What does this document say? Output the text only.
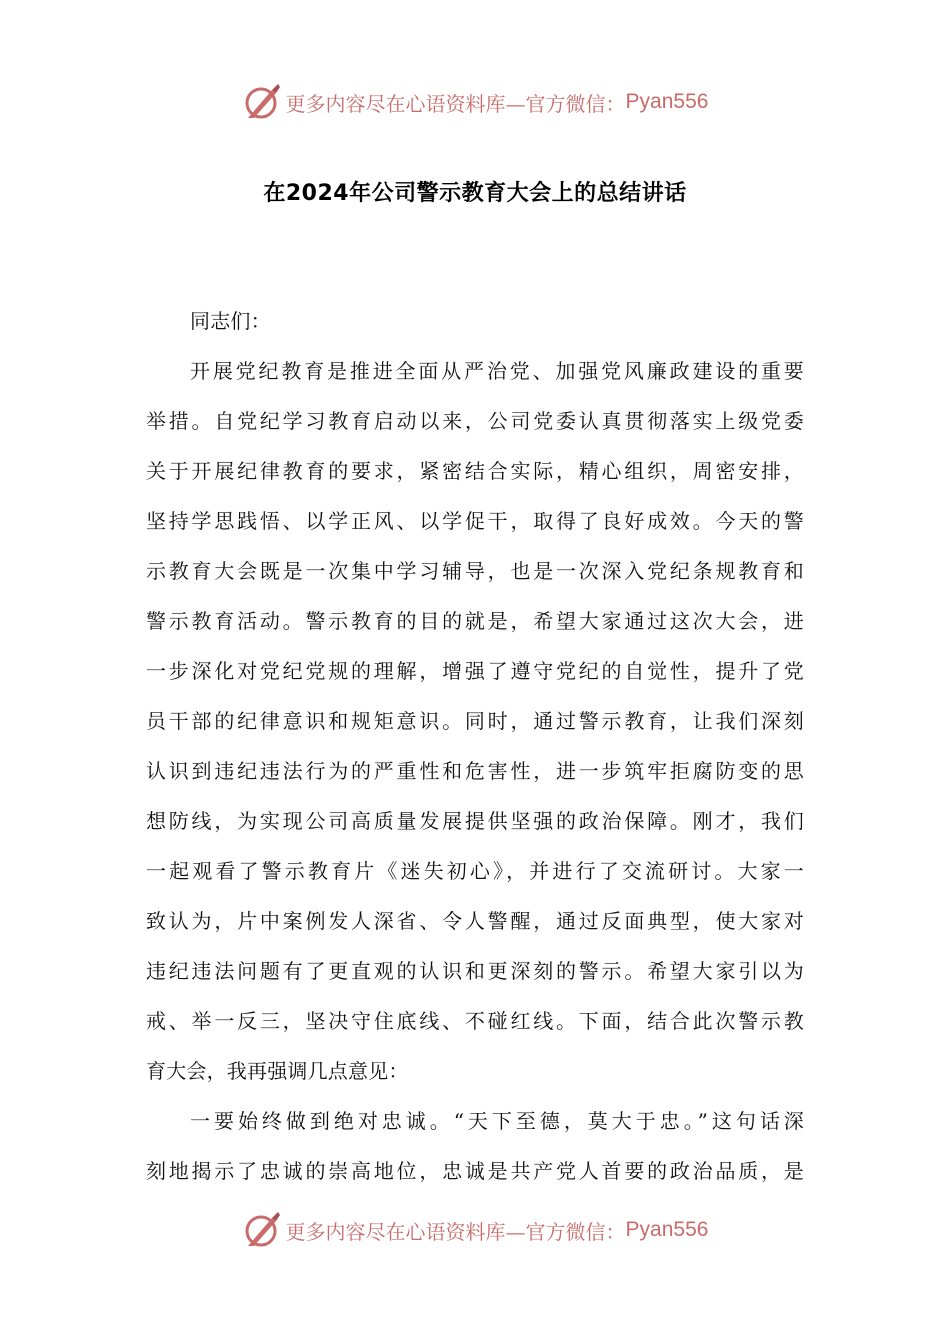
更多内容尽在心语资料库—官方微信： Pyan556
在2024年公司警示教育大会上的总结讲话
同志们：
开展党纪教育是推进全面从严治党、加强党风廉政建设的重要
举措。自党纪学习教育启动以来，公司党委认真贯彻落实上级党委
关于开展纪律教育的要求，紧密结合实际，精心组织，周密安排，
坚持学思践悟、以学正风、以学促干，取得了良好成效。今天的警
示教育大会既是一次集中学习辅导，也是一次深入党纪条规教育和
警示教育活动。警示教育的目的就是，希望大家通过这次大会，进
一步深化对党纪党规的理解，增强了遵守党纪的自觉性，提升了党
员干部的纪律意识和规矩意识。同时，通过警示教育，让我们深刻
认识到违纪违法行为的严重性和危害性，进一步筑牢拒腐防变的思
想防线，为实现公司高质量发展提供坚强的政治保障。刚才，我们
一起观看了警示教育片《迷失初心》，并进行了交流研讨。大家一
致认为，片中案例发人深省、令人警醒，通过反面典型，使大家对
违纪违法问题有了更直观的认识和更深刻的警示。希望大家引以为
戒、举一反三，坚决守住底线、不碰红线。下面，结合此次警示教
育大会，我再强调几点意见：
一要始终做到绝对忠诚。“天下至德，莫大于忠。”这句话深
刻地揭示了忠诚的崇高地位，忠诚是共产党人首要的政治品质，是
更多内容尽在心语资料库—官方微信： Pyan556
